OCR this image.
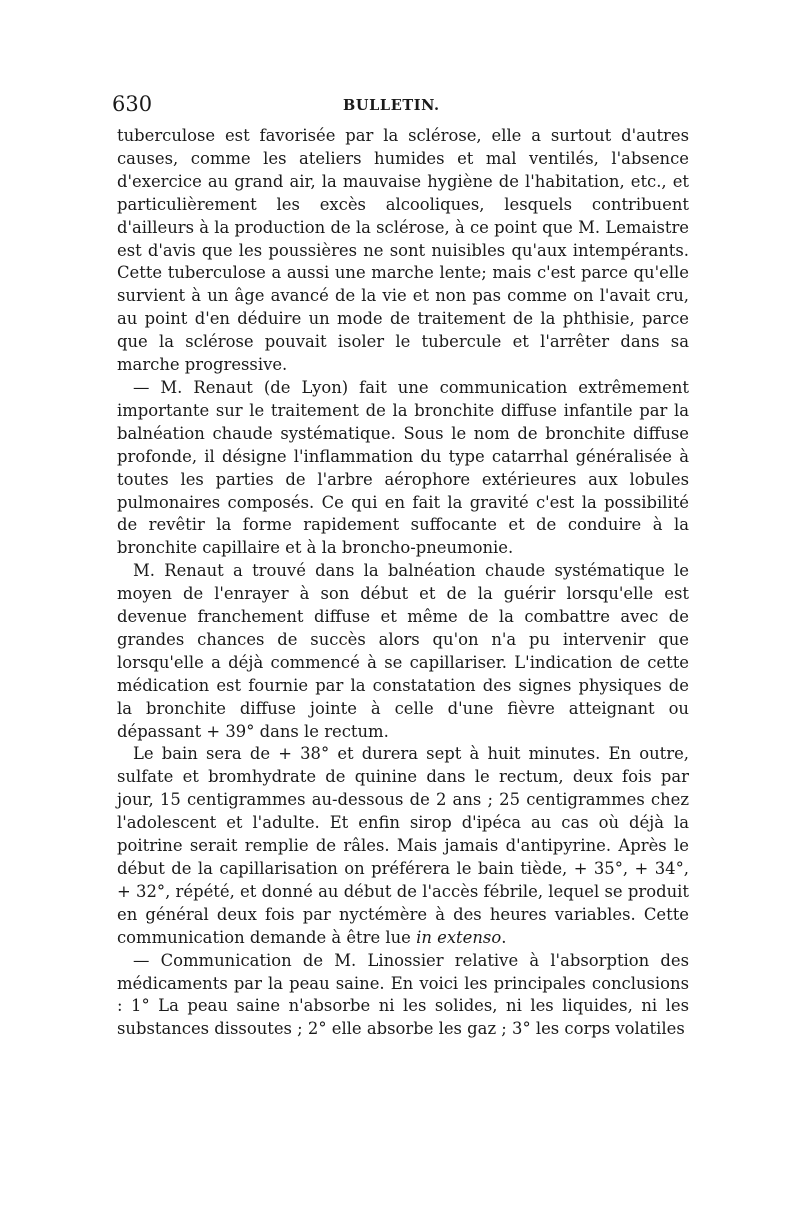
630	BULLETIN.

tuberculose est favorisée par la sclérose, elle a surtout d'autres causes, comme les ateliers humides et mal ventilés, l'absence d'exercice au grand air, la mauvaise hygiène de l'habitation, etc., et particulièrement les excès alcooliques, lesquels contribuent d'ailleurs à la production de la sclérose, à ce point que M. Lemaistre est d'avis que les poussières ne sont nuisibles qu'aux intempérants. Cette tuberculose a aussi une marche lente; mais c'est parce qu'elle survient à un âge avancé de la vie et non pas comme on l'avait cru, au point d'en déduire un mode de traitement de la phthisie, parce que la sclérose pouvait isoler le tubercule et l'arrêter dans sa marche progressive.

— M. Renaut (de Lyon) fait une communication extrêmement importante sur le traitement de la bronchite diffuse infantile par la balnéation chaude systématique. Sous le nom de bronchite diffuse profonde, il désigne l'inflammation du type catarrhal généralisée à toutes les parties de l'arbre aérophore extérieures aux lobules pulmonaires composés. Ce qui en fait la gravité c'est la possibilité de revêtir la forme rapidement suffocante et de conduire à la bronchite capillaire et à la broncho-pneumonie.

M. Renaut a trouvé dans la balnéation chaude systématique le moyen de l'enrayer à son début et de la guérir lorsqu'elle est devenue franchement diffuse et même de la combattre avec de grandes chances de succès alors qu'on n'a pu intervenir que lorsqu'elle a déjà commencé à se capillariser. L'indication de cette médication est fournie par la constatation des signes physiques de la bronchite diffuse jointe à celle d'une fièvre atteignant ou dépassant + 39° dans le rectum.

Le bain sera de + 38° et durera sept à huit minutes. En outre, sulfate et bromhydrate de quinine dans le rectum, deux fois par jour, 15 centigrammes au-dessous de 2 ans ; 25 centigrammes chez l'adolescent et l'adulte. Et enfin sirop d'ipéca au cas où déjà la poitrine serait remplie de râles. Mais jamais d'antipyrine. Après le début de la capillarisation on préférera le bain tiède, + 35°, + 34°, + 32°, répété, et donné au début de l'accès fébrile, lequel se produit en général deux fois par nyctémère à des heures variables. Cette communication demande à être lue in extenso.

— Communication de M. Linossier relative à l'absorption des médicaments par la peau saine. En voici les principales conclusions : 1° La peau saine n'absorbe ni les solides, ni les liquides, ni les substances dissoutes ; 2° elle absorbe les gaz ; 3° les corps volatiles
